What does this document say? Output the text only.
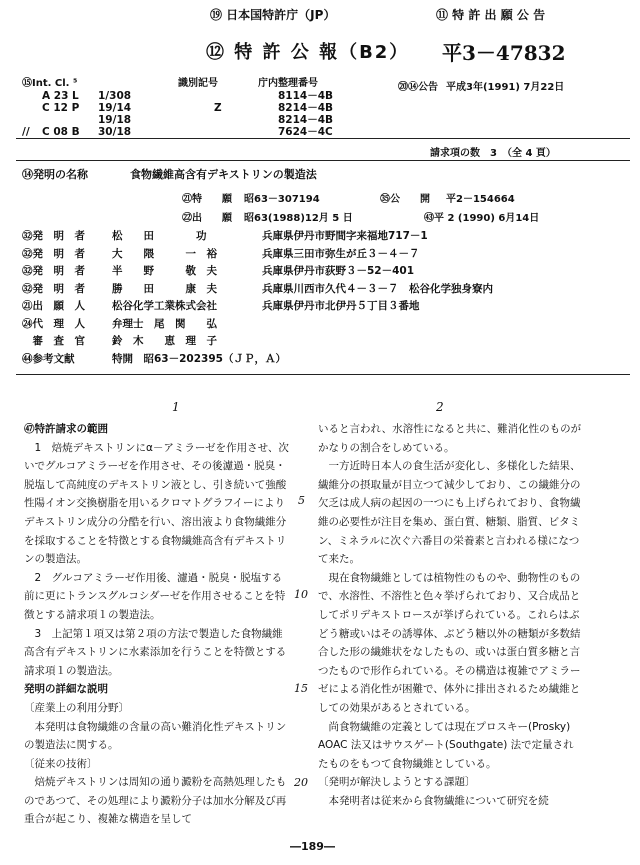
⑲ 日本国特許庁（JP）	⑪ 特 許 出 願 公 告
⑫ 特 許 公 報（B2） 平3－47832
⑮Int. Cl. ⁵	識別記号	庁内整理番号
	A 23 L	1/308		8114－4B
	C 12 P	19/14	Z	8214－4B
		19/18		8214－4B
//	C 08 B	30/18		7624－4C
⑳⑭公告 平成3年(1991) 7月22日
請求項の数　3　（全 4 頁）
⑭発明の名称	食物繊維高含有デキストリンの製造法
㉑特　　願 昭63－307194
㉒出　　願 昭63(1988)12月 5 日
㉟公　　開 平2－154664
㊸平 2 (1990) 6月14日
㉜発　明　者	松　　田　　　　功	兵庫県伊丹市野間字来福地717－1
㉜発　明　者	大　　隈　　　一　裕	兵庫県三田市弥生が丘３－４－７
㉜発　明　者	半　　野　　　敬　夫	兵庫県伊丹市荻野３－52－401
㉜発　明　者	勝　　田　　　康　夫	兵庫県川西市久代４－３－７　松谷化学独身寮内
㉑出　願　人	松谷化学工業株式会社	兵庫県伊丹市北伊丹５丁目３番地
㉔代　理　人	弁理士　尾　関　　弘	
　審　査　官	鈴　木　　恵　理　子	
㊹参考文献	特開　昭63－202395（ＪＰ，Ａ）	
1	2

㊼特許請求の範囲

　1　焙焼デキストリンにα－アミラーゼを作用させ、次いでグルコアミラーゼを作用させ、その後濾過・脱臭・脱塩して高純度のデキストリン液とし、引き続いて強酸性陽イオン交換樹脂を用いるクロマトグラフイーによりデキストリン成分の分酷を行い、溶出液より食物繊維分を採取することを特徴とする食物繊維高含有デキストリンの製造法。

　2　グルコアミラーゼ作用後、濾過・脱臭・脱塩する前に更にトランスグルコシダーゼを作用させることを特徴とする請求項１の製造法。

　3　上記第１項又は第２項の方法で製造した食物繊維高含有デキストリンに水素添加を行うことを特徴とする請求項１の製造法。

発明の詳細な説明

〔産業上の利用分野〕

　本発明は食物繊維の含量の高い難消化性デキストリンの製造法に関する。

〔従来の技術〕

　焙焼デキストリンは周知の通り澱粉を高熱処理したものであつて、その処理により澱粉分子は加水分解及び再重合が起こり、複雑な構造を呈して

5
10
15
20

いると言われ、水溶性になると共に、難消化性のものがかなりの割合をしめている。

　一方近時日本人の食生活が変化し、多様化した結果、繊維分の摂取量が目立つて減少しており、この繊維分の欠乏は成人病の起因の一つにも上げられており、食物繊維の必要性が注目を集め、蛋白質、糖類、脂質、ビタミン、ミネラルに次ぐ六番目の栄養素と言われる様になつて来た。

　現在食物繊維としては植物性のものや、動物性のもので、水溶性、不溶性と色々挙げられており、又合成品としてポリデキストロースが挙げられている。これらはぶどう糖或いはその誘導体、ぶどう糖以外の糖類が多数結合した形の繊維状をなしたもの、或いは蛋白質多糖と言つたもので形作られている。その構造は複雑でアミラーゼによる消化性が困難で、体外に排出されるため繊維としての効果があるとされている。

　尚食物繊維の定義としては現在プロスキー(Prosky) AOAC 法又はサウスゲート(Southgate) 法で定量されたものをもつて食物繊維としている。

〔発明が解決しようとする課題〕

　本発明者は従来から食物繊維について研究を続

―189―
